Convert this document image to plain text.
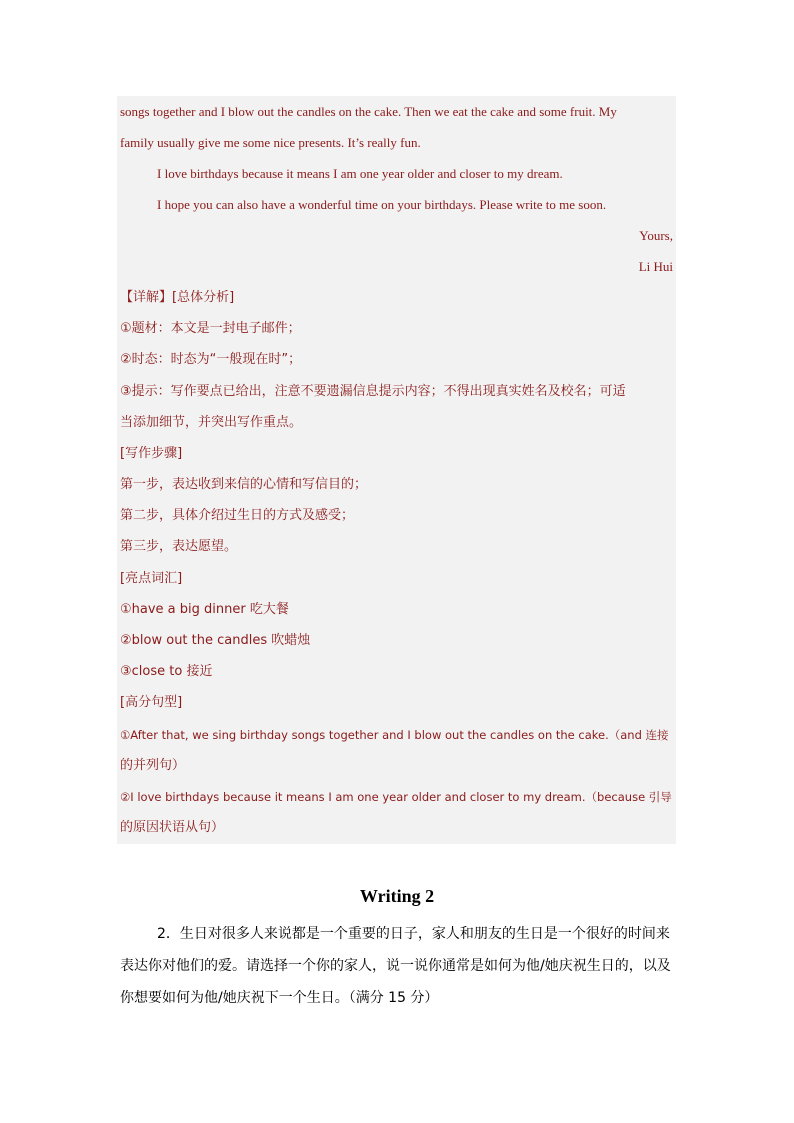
songs together and I blow out the candles on the cake. Then we eat the cake and some fruit. My
family usually give me some nice presents. It’s really fun.
I love birthdays because it means I am one year older and closer to my dream.
I hope you can also have a wonderful time on your birthdays. Please write to me soon.
Yours,
Li Hui
【详解】[总体分析]
①题材：本文是一封电子邮件；
②时态：时态为“一般现在时”；
③提示：写作要点已给出，注意不要遗漏信息提示内容；不得出现真实姓名及校名；可适
当添加细节，并突出写作重点。
[写作步骤]
第一步，表达收到来信的心情和写信目的；
第二步，具体介绍过生日的方式及感受；
第三步，表达愿望。
[亮点词汇]
①have a big dinner 吃大餐
②blow out the candles 吹蜡烛
③close to 接近
[高分句型]
①After that, we sing birthday songs together and I blow out the candles on the cake.（and 连接
的并列句）
②I love birthdays because it means I am one year older and closer to my dream.（because 引导
的原因状语从句）
Writing 2
2．生日对很多人来说都是一个重要的日子，家人和朋友的生日是一个很好的时间来
表达你对他们的爱。请选择一个你的家人，说一说你通常是如何为他/她庆祝生日的，以及
你想要如何为他/她庆祝下一个生日。（满分 15 分）
